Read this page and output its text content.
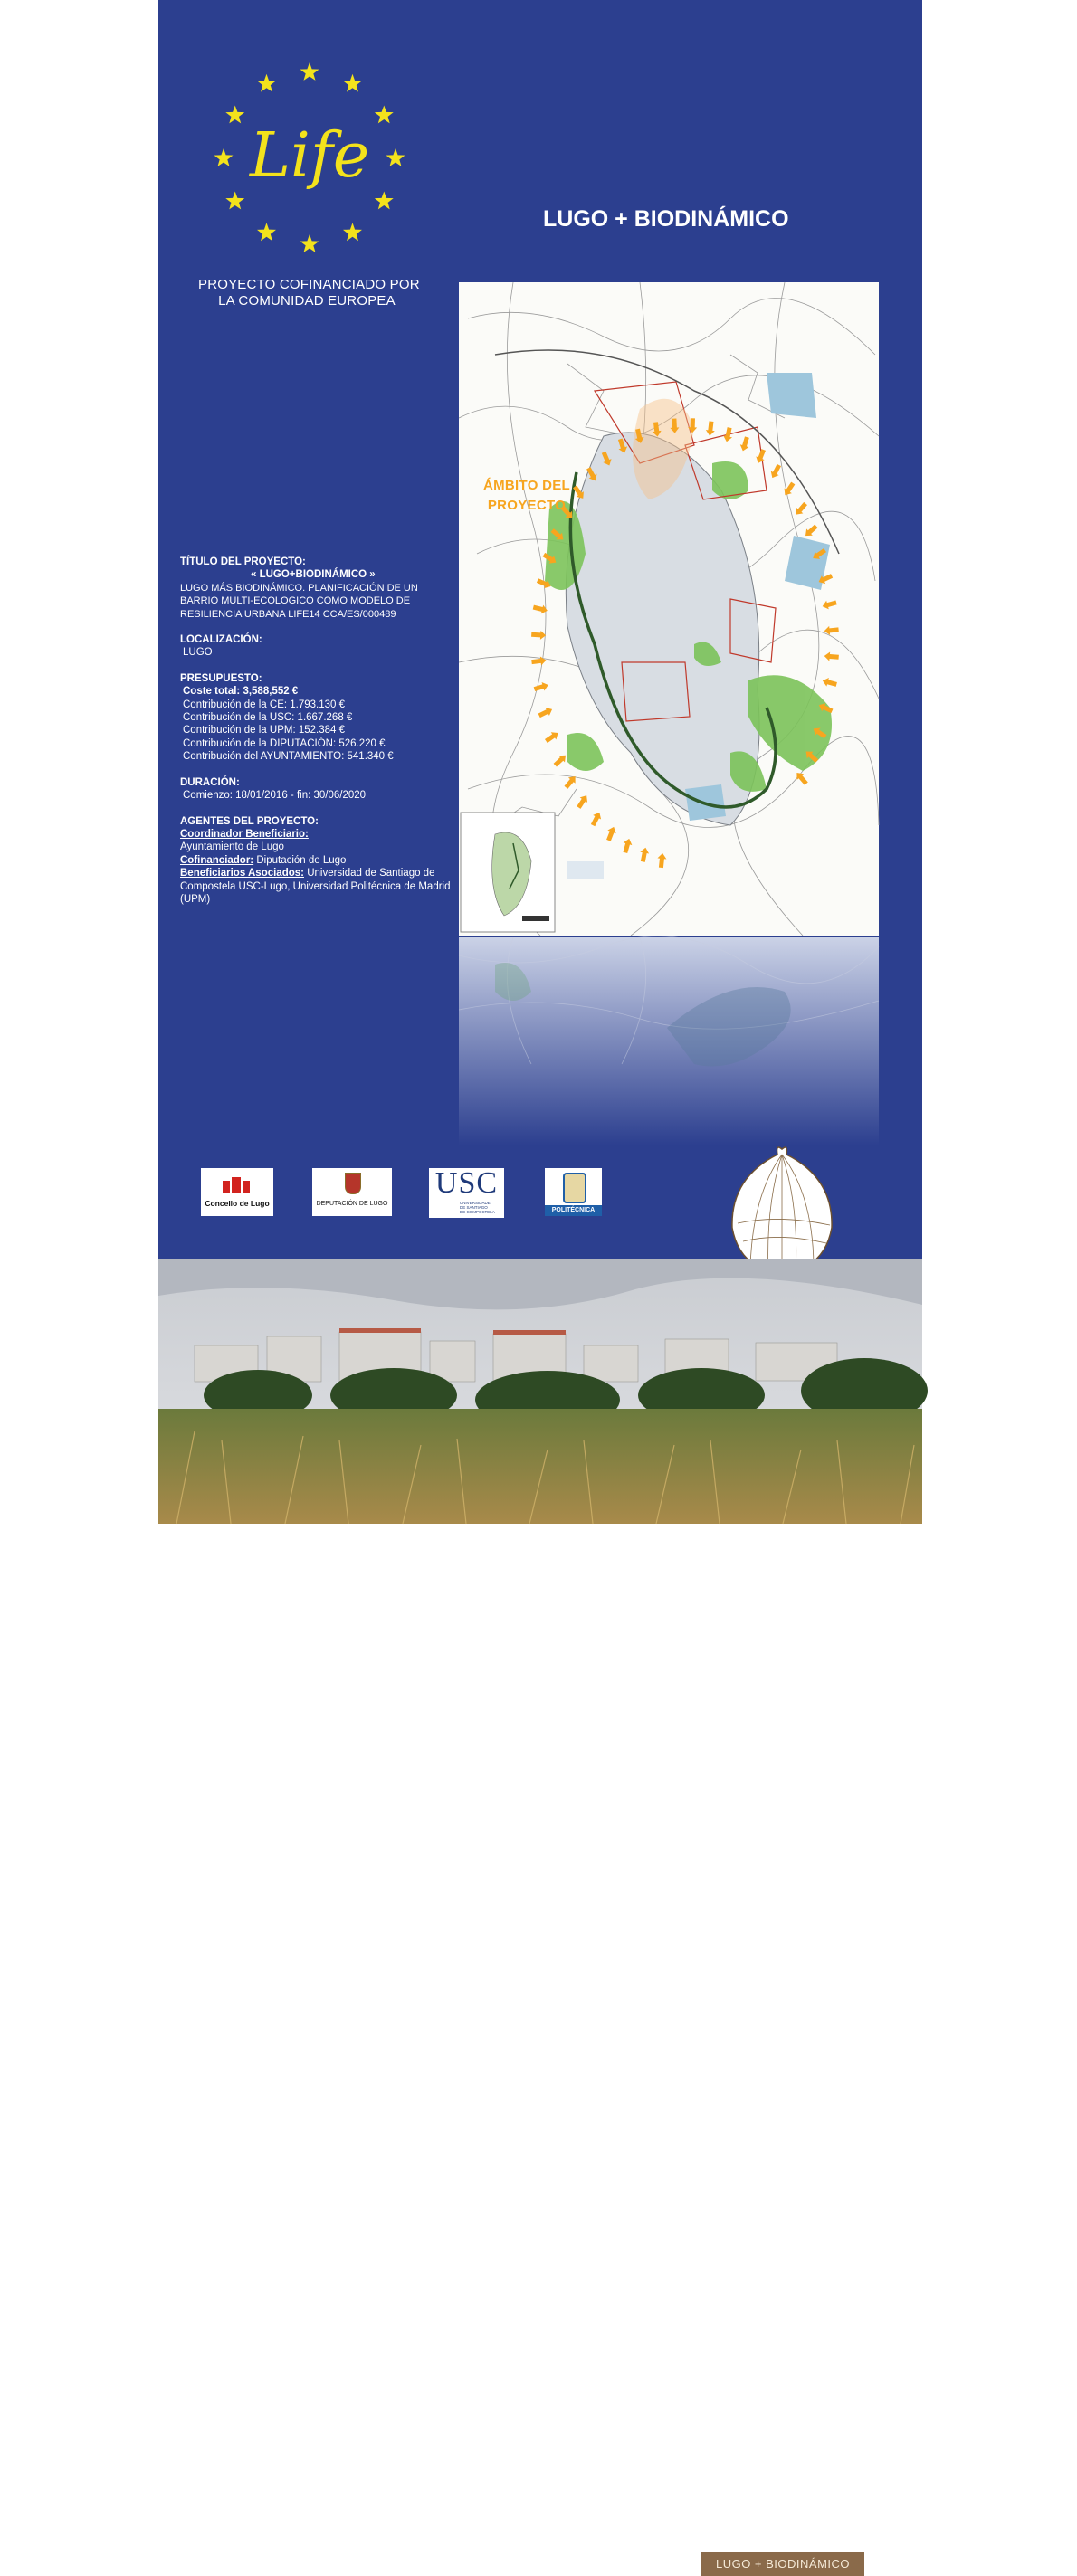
Life
PROYECTO COFINANCIADO POR
LA COMUNIDAD EUROPEA
LUGO + BIODINÁMICO
ÁMBITO DEL
PROYECTO
TÍTULO DEL PROYECTO:
« LUGO+BIODINÁMICO »
LUGO MÁS BIODINÁMICO. PLANIFICACIÓN DE UN BARRIO MULTI-ECOLOGICO COMO MODELO DE RESILIENCIA URBANA LIFE14 CCA/ES/000489
LOCALIZACIÓN:
LUGO
PRESUPUESTO:
Coste total: 3,588,552 €
Contribución de la CE: 1.793.130 €
Contribución de la USC: 1.667.268 €
Contribución de la UPM: 152.384 €
Contribución de la DIPUTACIÓN: 526.220 €
Contribución del AYUNTAMIENTO: 541.340 €
DURACIÓN:
Comienzo: 18/01/2016 - fin: 30/06/2020
AGENTES DEL PROYECTO:
Coordinador Beneficiario:
Ayuntamiento de Lugo
Cofinanciador: Diputación de Lugo
Beneficiarios Asociados: Universidad de Santiago de Compostela USC-Lugo, Universidad Politécnica de Madrid (UPM)
Concello de Lugo	DEPUTACIÓN DE LUGO
USC
UNIVERSIDADE
DE SANTIAGO
DE COMPOSTELA	POLITÉCNICA
LUGO + BIODINÁMICO
